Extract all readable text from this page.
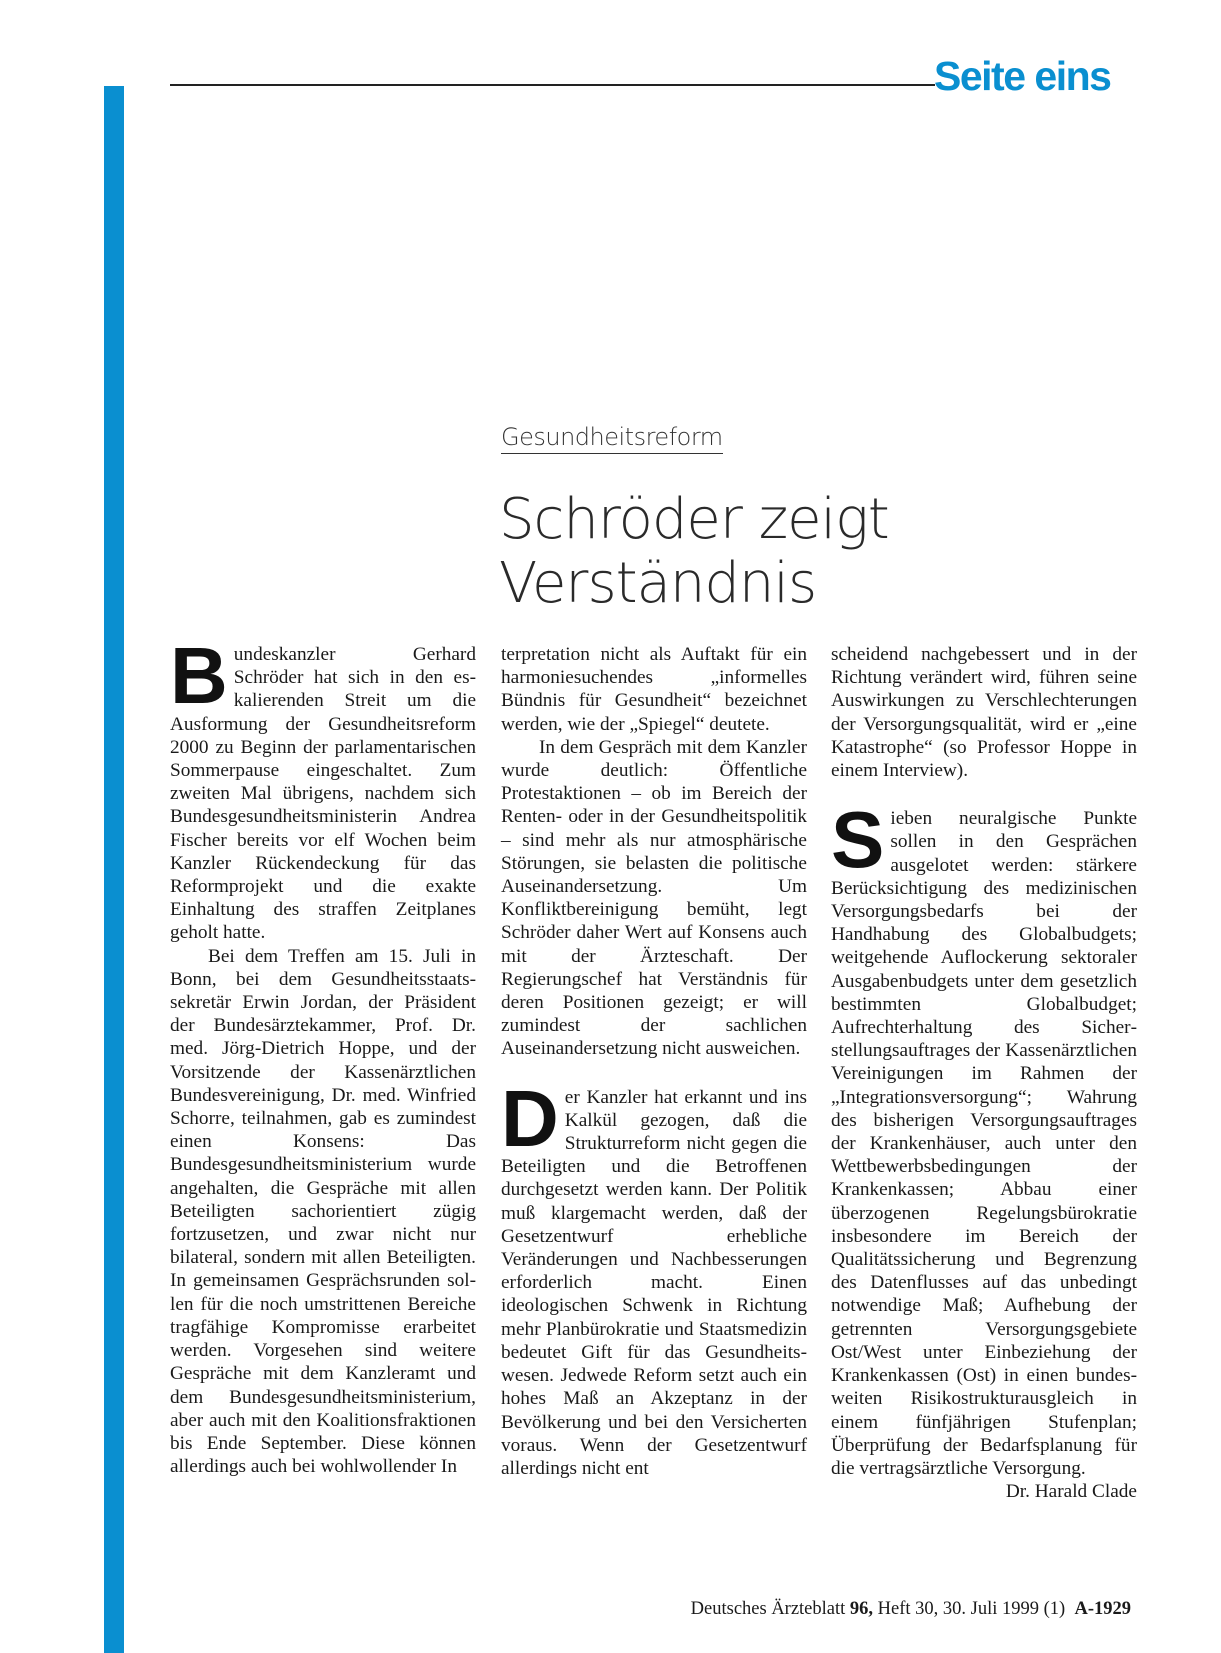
Seite eins
Gesundheitsreform
Schröder zeigt
Verständnis

Bundeskanzler Gerhard Schröder hat sich in den eskalierenden Streit um die Ausformung der Gesundheitsreform 2000 zu Beginn der parlamentarischen Sommerpause eingeschaltet. Zum zweiten Mal übrigens, nachdem sich Bundesgesundheitsministerin Andrea Fischer bereits vor elf Wochen beim Kanzler Rückendeckung für das Reformprojekt und die exakte Einhaltung des straffen Zeitplanes geholt hatte.

Bei dem Treffen am 15. Juli in Bonn, bei dem Gesundheitsstaatssekretär Erwin Jordan, der Präsident der Bundesärztekammer, Prof. Dr. med. Jörg-Dietrich Hoppe, und der Vorsitzende der Kassenärztlichen Bundesvereinigung, Dr. med. Winfried Schorre, teilnahmen, gab es zumindest einen Konsens: Das Bundesgesundheitsministerium wurde angehalten, die Gespräche mit allen Beteiligten sachorientiert zügig fortzusetzen, und zwar nicht nur bilateral, sondern mit allen Beteiligten. In gemeinsamen Gesprächsrunden sollen für die noch umstrittenen Bereiche tragfähige Kompromisse erarbeitet werden. Vorgesehen sind weitere Gespräche mit dem Kanzleramt und dem Bundesgesundheitsministerium, aber auch mit den Koalitionsfraktionen bis Ende September. Diese können allerdings auch bei wohlwollender In

terpretation nicht als Auftakt für ein harmoniesuchendes „informelles Bündnis für Gesundheit“ bezeichnet werden, wie der „Spiegel“ deutete.

In dem Gespräch mit dem Kanzler wurde deutlich: Öffentliche Protestaktionen – ob im Bereich der Renten- oder in der Gesundheitspolitik – sind mehr als nur atmosphärische Störungen, sie belasten die politische Auseinandersetzung. Um Konfliktbereinigung bemüht, legt Schröder daher Wert auf Konsens auch mit der Ärzteschaft. Der Regierungschef hat Verständnis für deren Positionen gezeigt; er will zumindest der sachlichen Auseinandersetzung nicht ausweichen.

Der Kanzler hat erkannt und ins Kalkül gezogen, daß die Strukturreform nicht gegen die Beteiligten und die Betroffenen durchgesetzt werden kann. Der Politik muß klargemacht werden, daß der Gesetzentwurf erhebliche Veränderungen und Nachbesserungen erforderlich macht. Einen ideologischen Schwenk in Richtung mehr Planbürokratie und Staatsmedizin bedeutet Gift für das Gesundheitswesen. Jedwede Reform setzt auch ein hohes Maß an Akzeptanz in der Bevölkerung und bei den Versicherten voraus. Wenn der Gesetzentwurf allerdings nicht ent

scheidend nachgebessert und in der Richtung verändert wird, führen seine Auswirkungen zu Verschlechterungen der Versorgungsqualität, wird er „eine Katastrophe“ (so Professor Hoppe in einem Interview).

Sieben neuralgische Punkte sollen in den Gesprächen ausgelotet werden: stärkere Berücksichtigung des medizinischen Versorgungsbedarfs bei der Handhabung des Globalbudgets; weitgehende Auflockerung sektoraler Ausgabenbudgets unter dem gesetzlich bestimmten Globalbudget; Aufrechterhaltung des Sicherstellungsauftrages der Kassenärztlichen Vereinigungen im Rahmen der „Integrationsversorgung“; Wahrung des bisherigen Versorgungsauftrages der Krankenhäuser, auch unter den Wettbewerbsbedingungen der Krankenkassen; Abbau einer überzogenen Regelungsbürokratie insbesondere im Bereich der Qualitätssicherung und Begrenzung des Datenflusses auf das unbedingt notwendige Maß; Aufhebung der getrennten Versorgungsgebiete Ost/West unter Einbeziehung der Krankenkassen (Ost) in einen bundesweiten Risikostrukturausgleich in einem fünfjährigen Stufenplan; Überprüfung der Bedarfsplanung für die vertragsärztliche Versorgung.

Dr. Harald Clade

Deutsches Ärzteblatt 96, Heft 30, 30. Juli 1999 (1) A-1929
